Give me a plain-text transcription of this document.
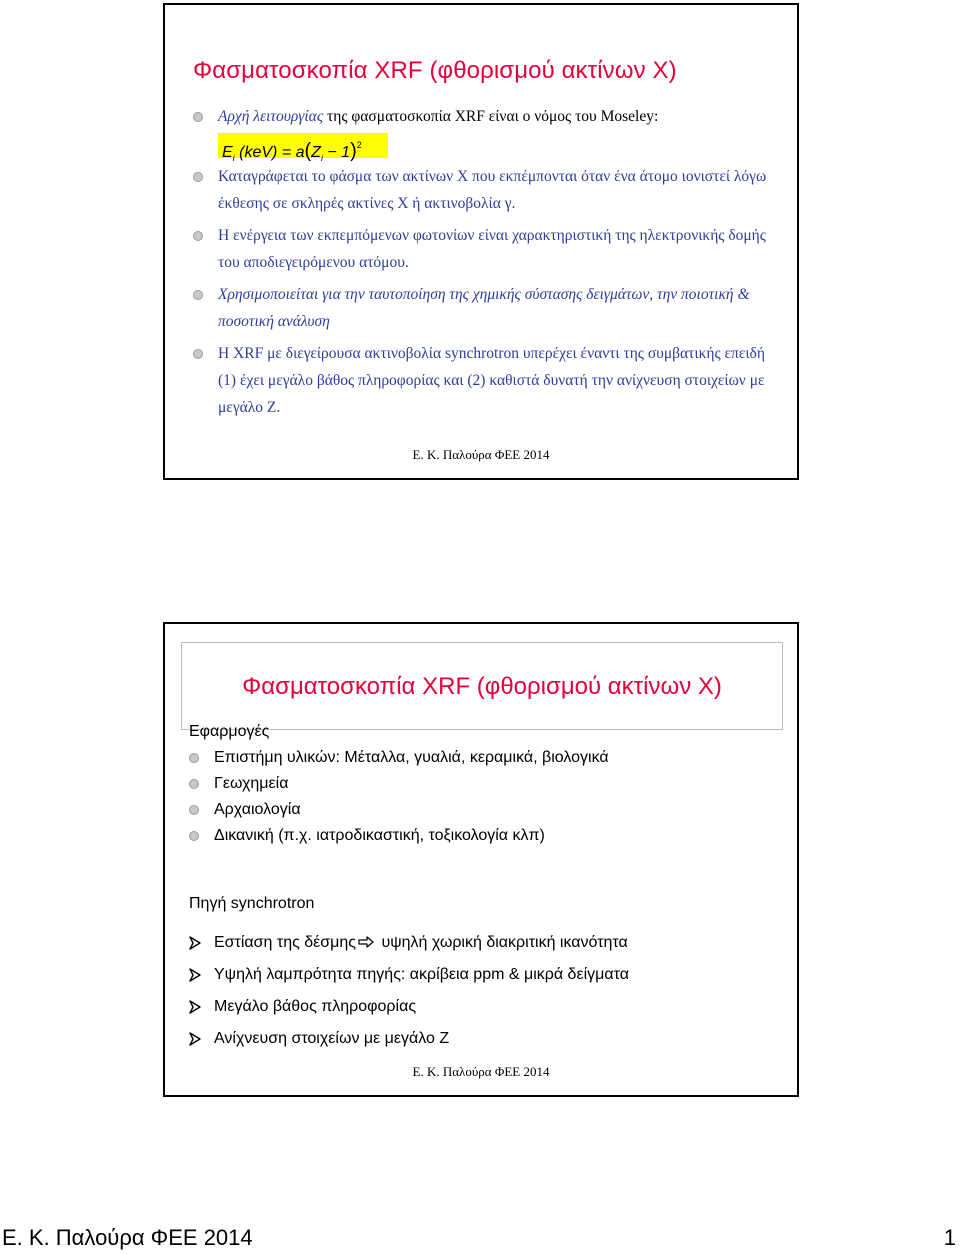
Φασματοσκοπία XRF (φθορισμού ακτίνων X)
Αρχή λειτουργίας της φασματοσκοπία XRF είναι ο νόμος του Moseley:
$E_i$ $(keV) = a(Z_i - 1)^2$
Καταγράφεται το φάσμα των ακτίνων X που εκπέμπονται όταν ένα άτομο ιονιστεί λόγω έκθεσης σε σκληρές ακτίνες X ή ακτινοβολία γ.
Η ενέργεια των εκπεμπόμενων φωτονίων είναι χαρακτηριστική της ηλεκτρονικής δομής του αποδιεγειρόμενου ατόμου.
Χρησιμοποιείται για την ταυτοποίηση της χημικής σύστασης δειγμάτων, την ποιοτική & ποσοτική ανάλυση
Η XRF με διεγείρουσα ακτινοβολία synchrotron υπερέχει έναντι της συμβατικής επειδή (1) έχει μεγάλο βάθος πληροφορίας και (2) καθιστά δυνατή την ανίχνευση στοιχείων με μεγάλο Z.
Ε. Κ. Παλούρα ΦΕΕ 2014
Φασματοσκοπία XRF (φθορισμού ακτίνων X)
Εφαρμογές
Επιστήμη υλικών: Μέταλλα, γυαλιά, κεραμικά, βιολογικά
Γεωχημεία
Αρχαιολογία
Δικανική (π.χ. ιατροδικαστική, τοξικολογία κλπ)
Πηγή synchrotron
Εστίαση της δέσμης υψηλή χωρική διακριτική ικανότητα
Υψηλή λαμπρότητα πηγής: ακρίβεια ppm & μικρά δείγματα
Μεγάλο βάθος πληροφορίας
Ανίχνευση στοιχείων με μεγάλο Z
Ε. Κ. Παλούρα ΦΕΕ 2014
Ε. Κ. Παλούρα ΦΕΕ 2014	1
